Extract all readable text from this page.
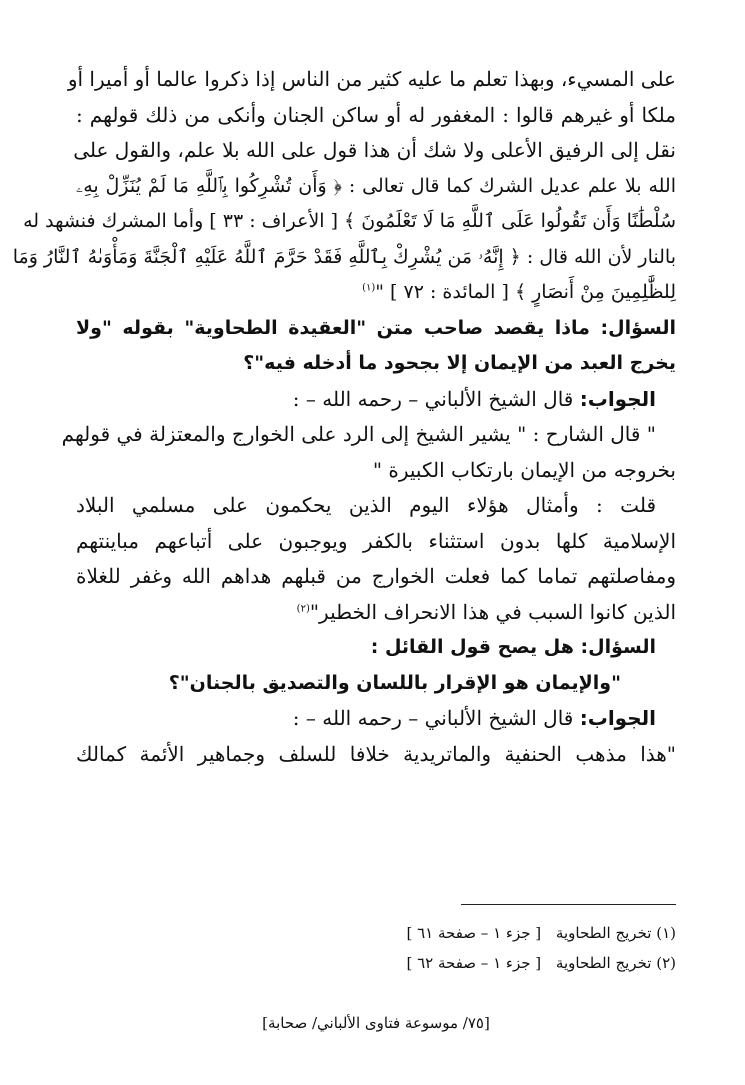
على المسيء، وبهذا تعلم ما عليه كثير من الناس إذا ذكروا عالما أو أميرا أو
ملكا أو غيرهم قالوا : المغفور له أو ساكن الجنان وأنكى من ذلك قولهم :
نقل إلى الرفيق الأعلى ولا شك أن هذا قول على الله بلا علم، والقول على
الله بلا علم عديل الشرك كما قال تعالى : ﴿ وَأَن تُشْرِكُوا بِٱللَّهِ مَا لَمْ يُنَزِّلْ بِهِۦ
سُلْطَٰنًا وَأَن تَقُولُوا عَلَى ٱللَّهِ مَا لَا تَعْلَمُونَ ﴾ [ الأعراف : ٣٣ ] وأما المشرك فنشهد له
بالنار لأن الله قال : ﴿ إِنَّهُۥ مَن يُشْرِكْ بِٱللَّهِ فَقَدْ حَرَّمَ ٱللَّهُ عَلَيْهِ ٱلْجَنَّةَ وَمَأْوَىٰهُ ٱلنَّارُ وَمَا
لِلظَّٰلِمِينَ مِنْ أَنصَارٍ ﴾ [ المائدة : ٧٢ ] "$^{(١)}$
السؤال: ماذا يقصد صاحب متن "العقيدة الطحاوية" بقوله "ولا
يخرج العبد من الإيمان إلا بجحود ما أدخله فيه"؟
الجواب: قال الشيخ الألباني – رحمه الله – :
" قال الشارح : " يشير الشيخ إلى الرد على الخوارج والمعتزلة في قولهم
بخروجه من الإيمان بارتكاب الكبيرة "
قلت : وأمثال هؤلاء اليوم الذين يحكمون على مسلمي البلاد
الإسلامية كلها بدون استثناء بالكفر ويوجبون على أتباعهم مباينتهم
ومفاصلتهم تماما كما فعلت الخوارج من قبلهم هداهم الله وغفر للغلاة
الذين كانوا السبب في هذا الانحراف الخطير"$^{(٢)}$
السؤال: هل يصح قول القائل :
"والإيمان هو الإقرار باللسان والتصديق بالجنان"؟
الجواب: قال الشيخ الألباني – رحمه الله – :
"هذا مذهب الحنفية والماتريدية خلافا للسلف وجماهير الأئمة كمالك
(١) تخريج الطحاوية [ جزء ١ – صفحة ٦١ ]
(٢) تخريج الطحاوية [ جزء ١ – صفحة ٦٢ ]
[٧٥/ موسوعة فتاوى الألباني/ صحابة]
